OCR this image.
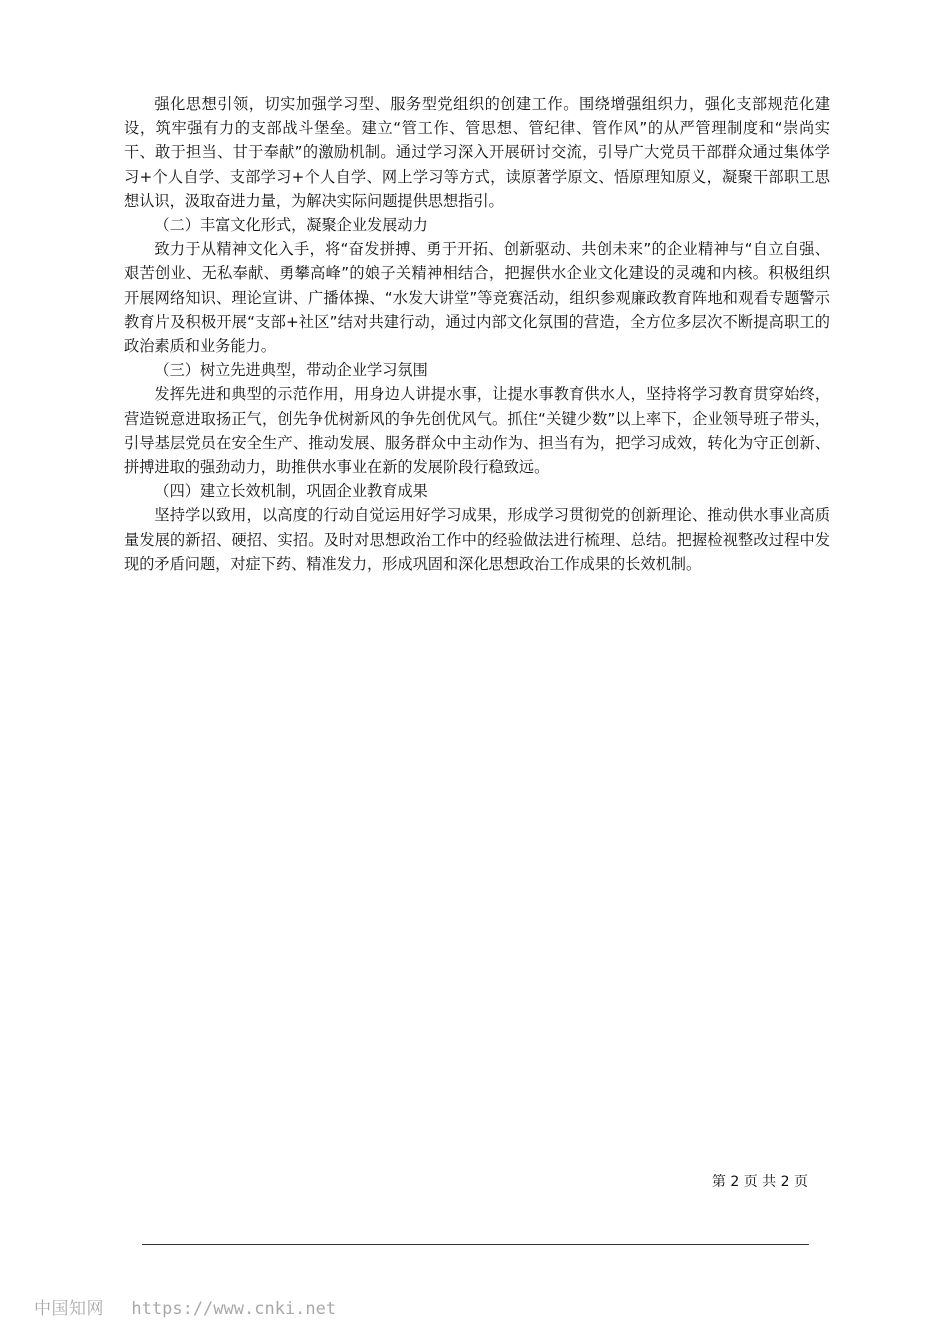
强化思想引领，切实加强学习型、服务型党组织的创建工作。围绕增强组织力，强化支部规范化建设，筑牢强有力的支部战斗堡垒。建立“管工作、管思想、管纪律、管作风”的从严管理制度和“崇尚实干、敢于担当、甘于奉献”的激励机制。通过学习深入开展研讨交流，引导广大党员干部群众通过集体学习+个人自学、支部学习+个人自学、网上学习等方式，读原著学原文、悟原理知原义，凝聚干部职工思想认识，汲取奋进力量，为解决实际问题提供思想指引。

（二）丰富文化形式，凝聚企业发展动力

致力于从精神文化入手，将“奋发拼搏、勇于开拓、创新驱动、共创未来”的企业精神与“自立自强、艰苦创业、无私奉献、勇攀高峰”的娘子关精神相结合，把握供水企业文化建设的灵魂和内核。积极组织开展网络知识、理论宣讲、广播体操、“水发大讲堂”等竞赛活动，组织参观廉政教育阵地和观看专题警示教育片及积极开展“支部+社区”结对共建行动，通过内部文化氛围的营造，全方位多层次不断提高职工的政治素质和业务能力。

（三）树立先进典型，带动企业学习氛围

发挥先进和典型的示范作用，用身边人讲提水事，让提水事教育供水人，坚持将学习教育贯穿始终，营造锐意进取扬正气，创先争优树新风的争先创优风气。抓住“关键少数”以上率下，企业领导班子带头，引导基层党员在安全生产、推动发展、服务群众中主动作为、担当有为，把学习成效，转化为守正创新、拼搏进取的强劲动力，助推供水事业在新的发展阶段行稳致远。

（四）建立长效机制，巩固企业教育成果

坚持学以致用，以高度的行动自觉运用好学习成果，形成学习贯彻党的创新理论、推动供水事业高质量发展的新招、硬招、实招。及时对思想政治工作中的经验做法进行梳理、总结。把握检视整改过程中发现的矛盾问题，对症下药、精准发力，形成巩固和深化思想政治工作成果的长效机制。

第 2 页 共 2 页
中国知网 https://www.cnki.net
